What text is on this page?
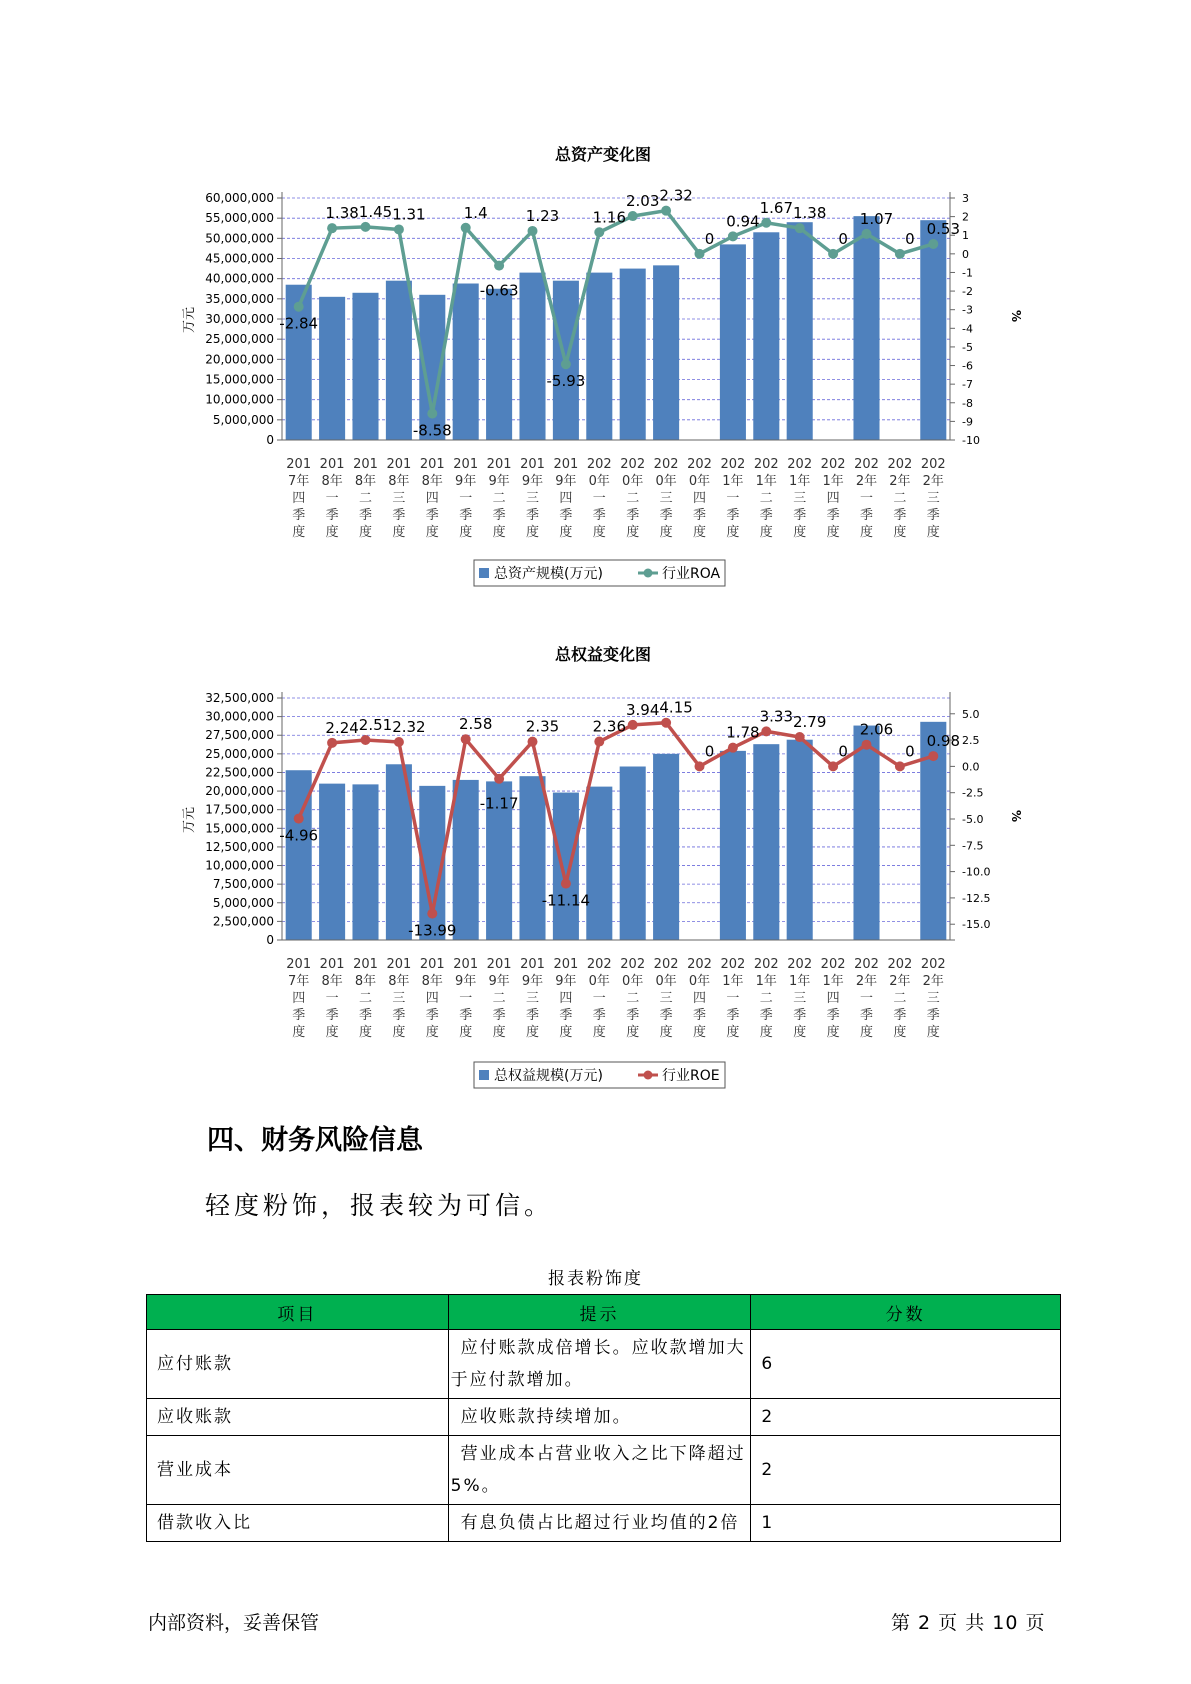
总资产变化图
万元	%
0
5,000,000
10,000,000
15,000,000
20,000,000
25,000,000
30,000,000
35,000,000
40,000,000
45,000,000
50,000,000
55,000,000
60,000,000
-10
-9
-8
-7
-6
-5
-4
-3
-2
-1
0
1
2
3
201 7年四季度
201 8年一季度
201 8年二季度
201 8年三季度
201 8年四季度
201 9年一季度
201 9年二季度
201 9年三季度
201 9年四季度
202 0年一季度
202 0年二季度
202 0年三季度
202 0年四季度
202 1年一季度
202 1年二季度
202 1年三季度
202 1年四季度
202 2年一季度
202 2年二季度
202 2年三季度
-2.84
1.38 1.45 1.31
-8.58
1.4
-0.63
1.23
-5.93
1.16
2.03 2.32
0
0.94
1.67 1.38
0
1.07
0
0.53
总资产规模(万元)	行业ROA
总权益变化图
万元	%
0
2,500,000
5,000,000
7,500,000
10,000,000
12,500,000
15,000,000
17,500,000
20,000,000
22,500,000
25,000,000
27,500,000
30,000,000
32,500,000
-15.0
-12.5
-10.0
-7.5
-5.0
-2.5
0.0
2.5
5.0
201 7年四季度
201 8年一季度
201 8年二季度
201 8年三季度
201 8年四季度
201 9年一季度
201 9年二季度
201 9年三季度
201 9年四季度
202 0年一季度
202 0年二季度
202 0年三季度
202 0年四季度
202 1年一季度
202 1年二季度
202 1年三季度
202 1年四季度
202 2年一季度
202 2年二季度
202 2年三季度
-4.96
2.24 2.51 2.32
-13.99
2.58
-1.17
2.35
-11.14
2.36
3.94 4.15
0
1.78
3.33 2.79
0
2.06
0
0.98
总权益规模(万元)	行业ROE
四、财务风险信息

轻度粉饰，报表较为可信。

报表粉饰度
项目	提示	分数
应付账款	应付账款成倍增长。应收款增加大于应付款增加。	6
应收账款	应收账款持续增加。	2
营业成本	营业成本占营业收入之比下降超过5%。	2
借款收入比	有息负债占比超过行业均值的2倍	1
内部资料，妥善保管	第 2 页 共 10 页
